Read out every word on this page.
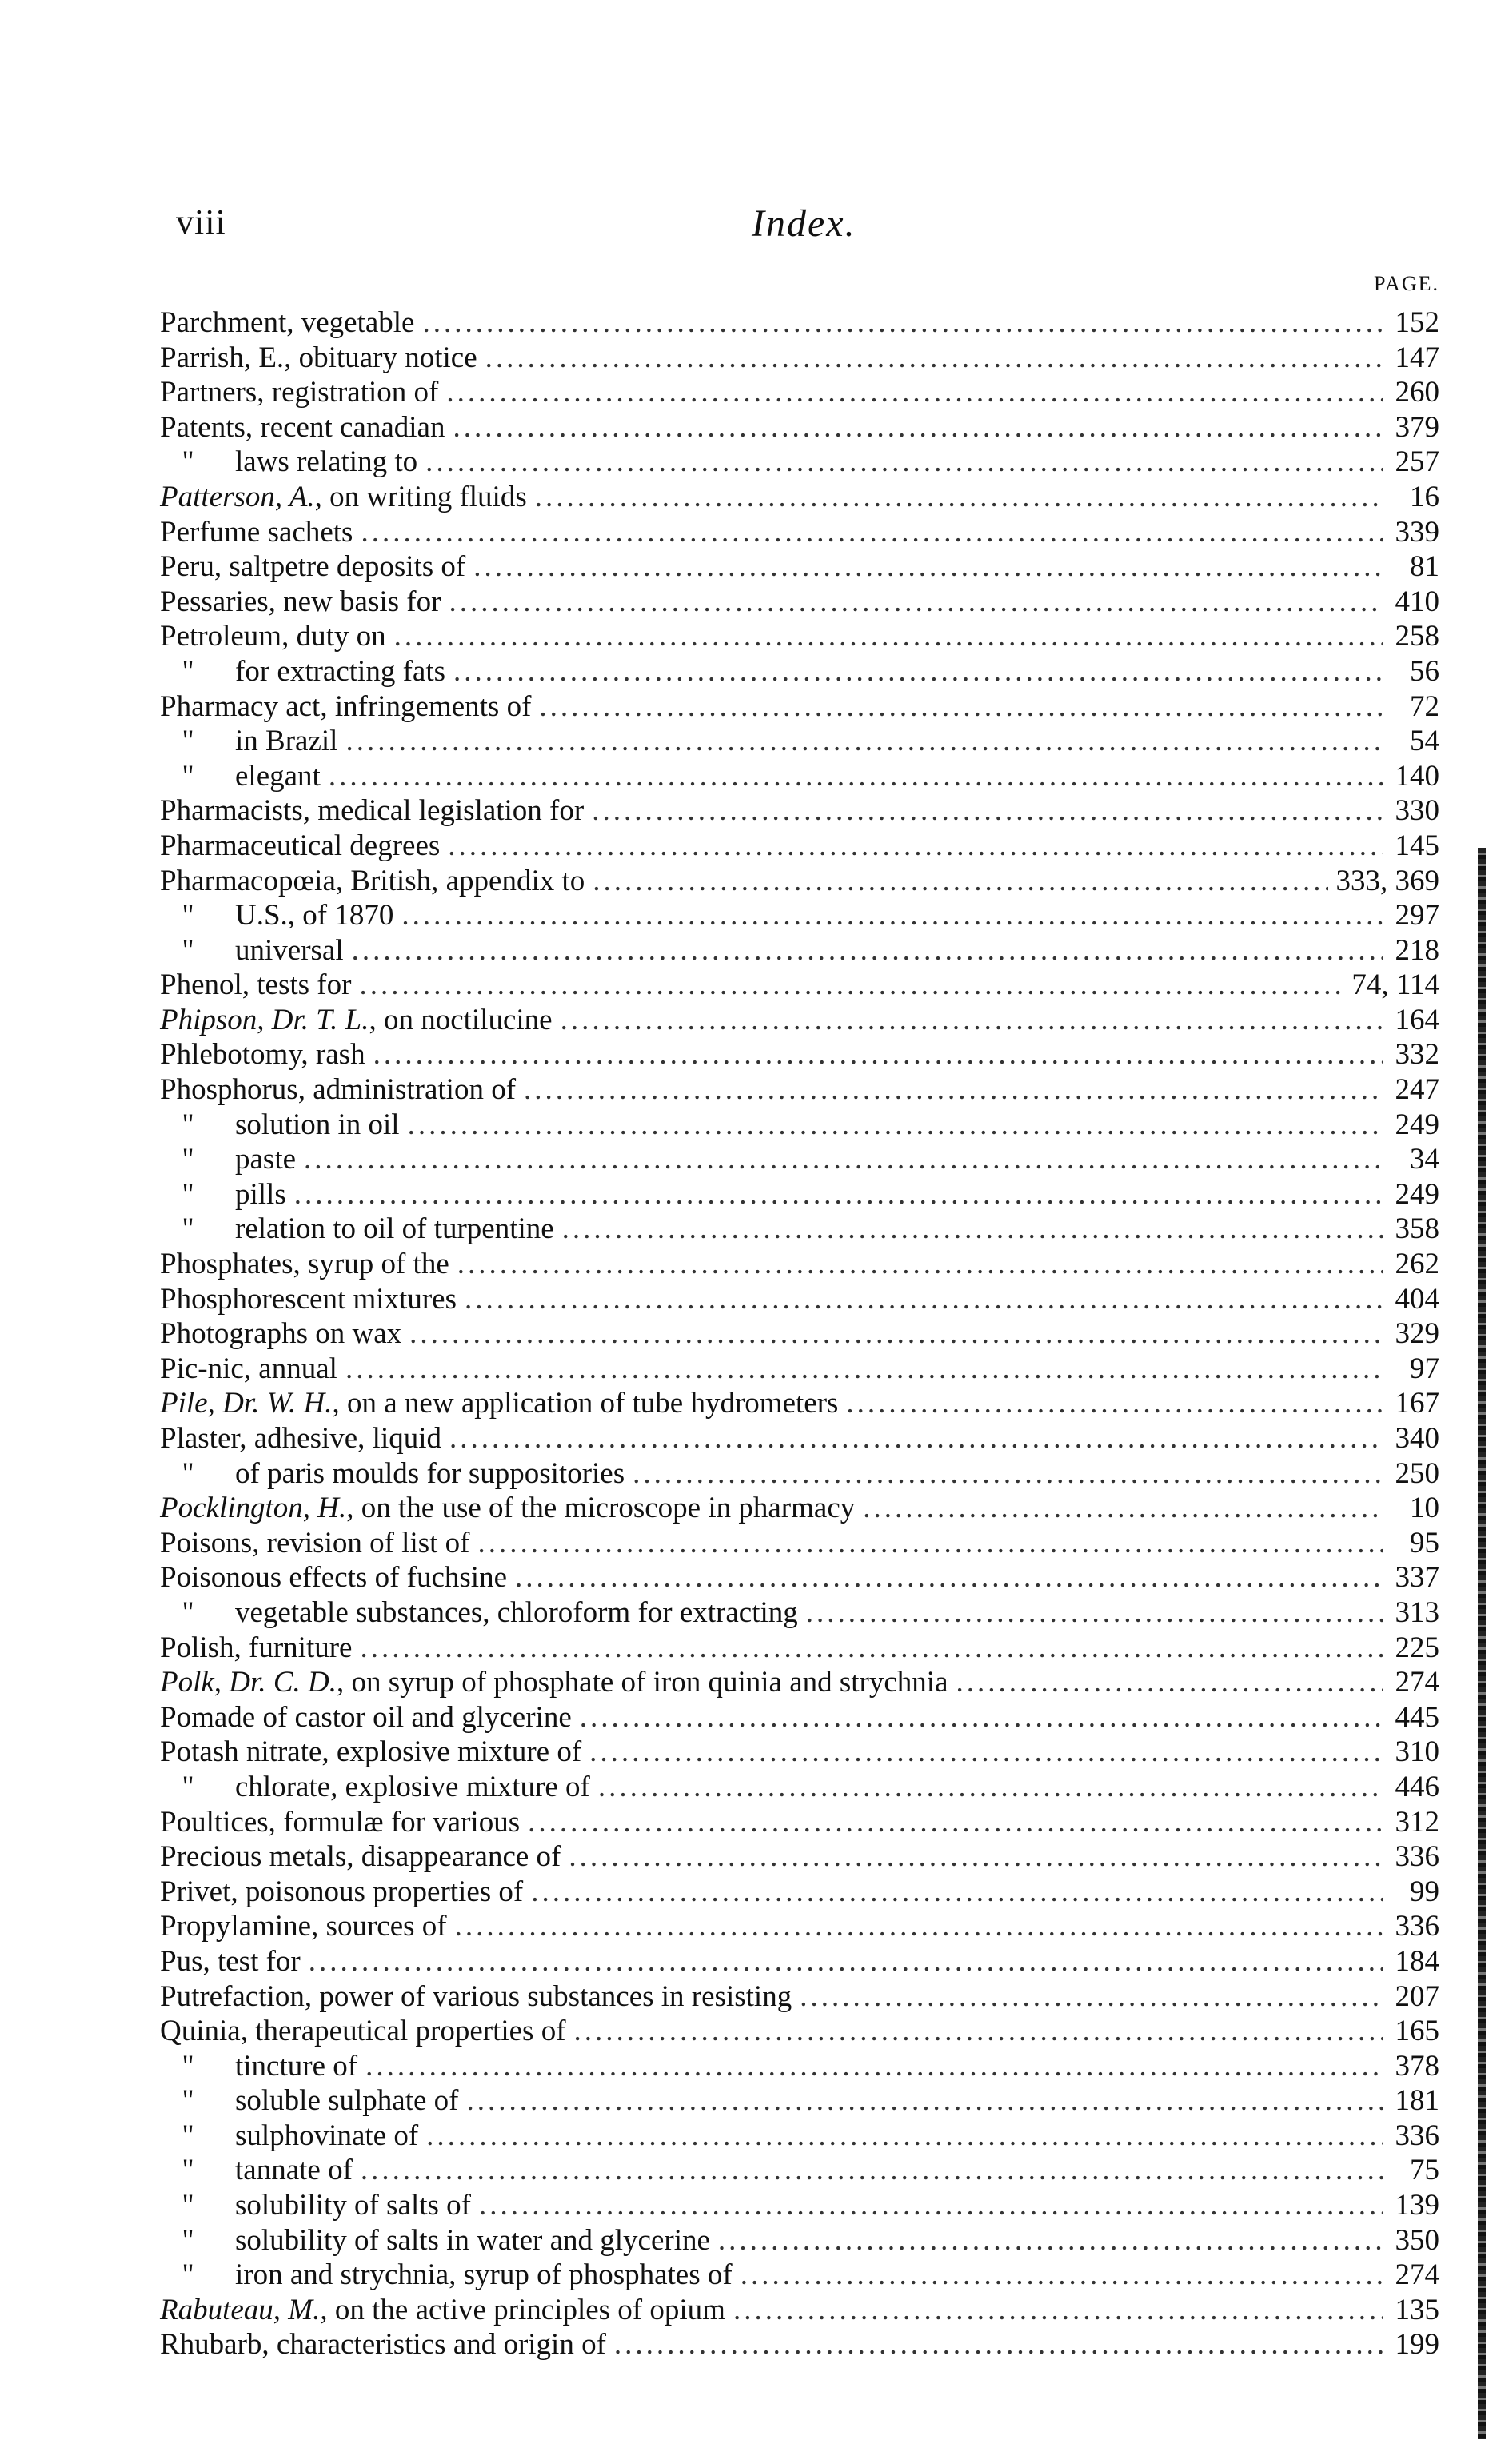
viii	Index.
PAGE.
Parchment, vegetable .....	152
Parrish, E., obituary notice .....	147
Partners, registration of .....	260
Patents, recent canadian .....	379
" laws relating to .....	257
Patterson, A., on writing fluids .....	16
Perfume sachets .....	339
Peru, saltpetre deposits of .....	81
Pessaries, new basis for .....	410
Petroleum, duty on .....	258
" for extracting fats .....	56
Pharmacy act, infringements of .....	72
" in Brazil .....	54
" elegant .....	140
Pharmacists, medical legislation for .....	330
Pharmaceutical degrees .....	145
Pharmacopœia, British, appendix to .....	333, 369
" U.S., of 1870 .....	297
" universal .....	218
Phenol, tests for .....	74, 114
Phipson, Dr. T. L., on noctilucine .....	164
Phlebotomy, rash .....	332
Phosphorus, administration of .....	247
" solution in oil .....	249
" paste .....	34
" pills .....	249
" relation to oil of turpentine .....	358
Phosphates, syrup of the .....	262
Phosphorescent mixtures .....	404
Photographs on wax .....	329
Pic-nic, annual .....	97
Pile, Dr. W. H., on a new application of tube hydrometers .....	167
Plaster, adhesive, liquid .....	340
" of paris moulds for suppositories .....	250
Pocklington, H., on the use of the microscope in pharmacy .....	10
Poisons, revision of list of .....	95
Poisonous effects of fuchsine .....	337
" vegetable substances, chloroform for extracting .....	313
Polish, furniture .....	225
Polk, Dr. C. D., on syrup of phosphate of iron quinia and strychnia .....	274
Pomade of castor oil and glycerine .....	445
Potash nitrate, explosive mixture of .....	310
" chlorate, explosive mixture of .....	446
Poultices, formulæ for various .....	312
Precious metals, disappearance of .....	336
Privet, poisonous properties of .....	99
Propylamine, sources of .....	336
Pus, test for .....	184
Putrefaction, power of various substances in resisting .....	207
Quinia, therapeutical properties of .....	165
" tincture of .....	378
" soluble sulphate of .....	181
" sulphovinate of .....	336
" tannate of .....	75
" solubility of salts of .....	139
" solubility of salts in water and glycerine .....	350
" iron and strychnia, syrup of phosphates of .....	274
Rabuteau, M., on the active principles of opium .....	135
Rhubarb, characteristics and origin of .....	199
